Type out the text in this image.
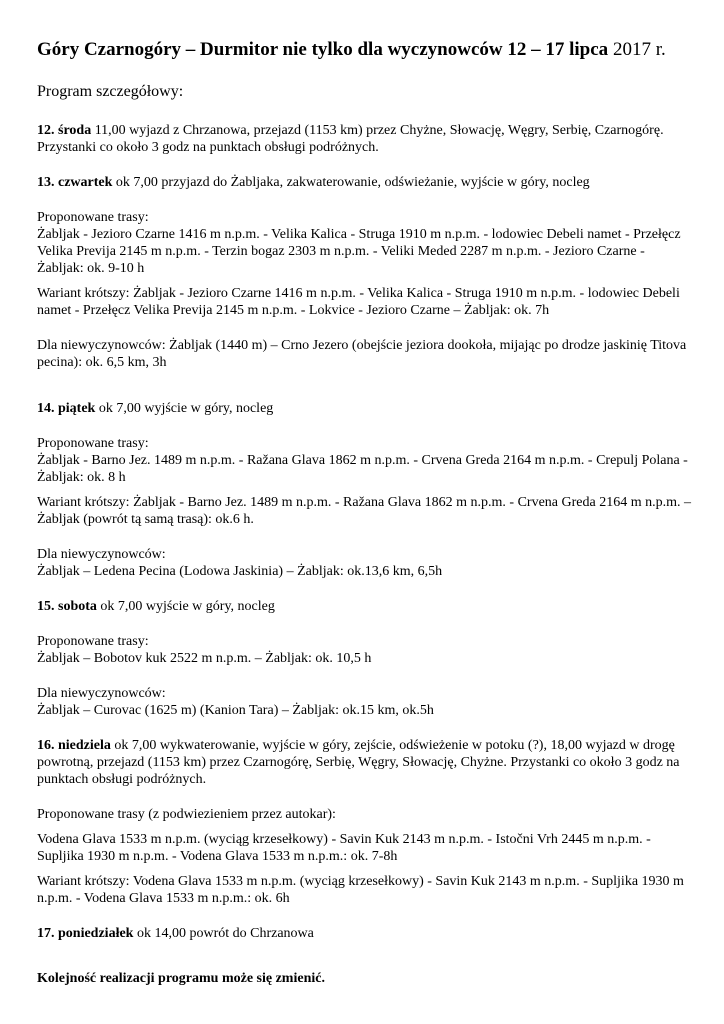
Góry Czarnogóry – Durmitor nie tylko dla wyczynowców 12 – 17 lipca 2017 r.

Program szczegółowy:

12. środa 11,00 wyjazd z Chrzanowa, przejazd (1153 km) przez Chyżne, Słowację, Węgry, Serbię, Czarnogórę. Przystanki co około 3 godz na punktach obsługi podróżnych.

13. czwartek ok 7,00 przyjazd do Żabljaka, zakwaterowanie, odświeżanie, wyjście w góry, nocleg

Proponowane trasy:

Żabljak - Jezioro Czarne 1416 m n.p.m. - Velika Kalica - Struga 1910 m n.p.m. - lodowiec Debeli namet - Przełęcz Velika Previja 2145 m n.p.m. - Terzin bogaz 2303 m n.p.m. - Veliki Meded 2287 m n.p.m. - Jezioro Czarne - Żabljak: ok. 9-10 h

Wariant krótszy: Żabljak - Jezioro Czarne 1416 m n.p.m. - Velika Kalica - Struga 1910 m n.p.m. - lodowiec Debeli namet - Przełęcz Velika Previja 2145 m n.p.m. - Lokvice - Jezioro Czarne – Żabljak: ok. 7h

Dla niewyczynowców: Żabljak (1440 m) – Crno Jezero (obejście jeziora dookoła, mijając po drodze jaskinię Titova pecina): ok. 6,5 km, 3h

14. piątek ok 7,00 wyjście w góry, nocleg

Proponowane trasy:

Żabljak - Barno Jez. 1489 m n.p.m. - Ražana Glava 1862 m n.p.m. - Crvena Greda 2164 m n.p.m. - Crepulj Polana - Żabljak: ok. 8 h

Wariant krótszy: Żabljak - Barno Jez. 1489 m n.p.m. - Ražana Glava 1862 m n.p.m. - Crvena Greda 2164 m n.p.m. – Żabljak (powrót tą samą trasą): ok.6 h.

Dla niewyczynowców:

Żabljak – Ledena Pecina (Lodowa Jaskinia) – Żabljak: ok.13,6 km, 6,5h

15. sobota ok 7,00 wyjście w góry, nocleg

Proponowane trasy:

Żabljak – Bobotov kuk 2522 m n.p.m. – Żabljak: ok. 10,5 h

Dla niewyczynowców:

Żabljak – Curovac (1625 m) (Kanion Tara) – Żabljak: ok.15 km, ok.5h

16. niedziela ok 7,00 wykwaterowanie, wyjście w góry, zejście, odświeżenie w potoku (?), 18,00 wyjazd w drogę powrotną, przejazd (1153 km) przez Czarnogórę, Serbię, Węgry, Słowację, Chyżne. Przystanki co około 3 godz na punktach obsługi podróżnych.

Proponowane trasy (z podwiezieniem przez autokar):

Vodena Glava 1533 m n.p.m. (wyciąg krzesełkowy) - Savin Kuk 2143 m n.p.m. - Istočni Vrh 2445 m n.p.m. - Supljika 1930 m n.p.m. - Vodena Glava 1533 m n.p.m.: ok. 7-8h

Wariant krótszy: Vodena Glava 1533 m n.p.m. (wyciąg krzesełkowy) - Savin Kuk 2143 m n.p.m. - Supljika 1930 m n.p.m. - Vodena Glava 1533 m n.p.m.: ok. 6h

17. poniedziałek ok 14,00 powrót do Chrzanowa

Kolejność realizacji programu może się zmienić.
